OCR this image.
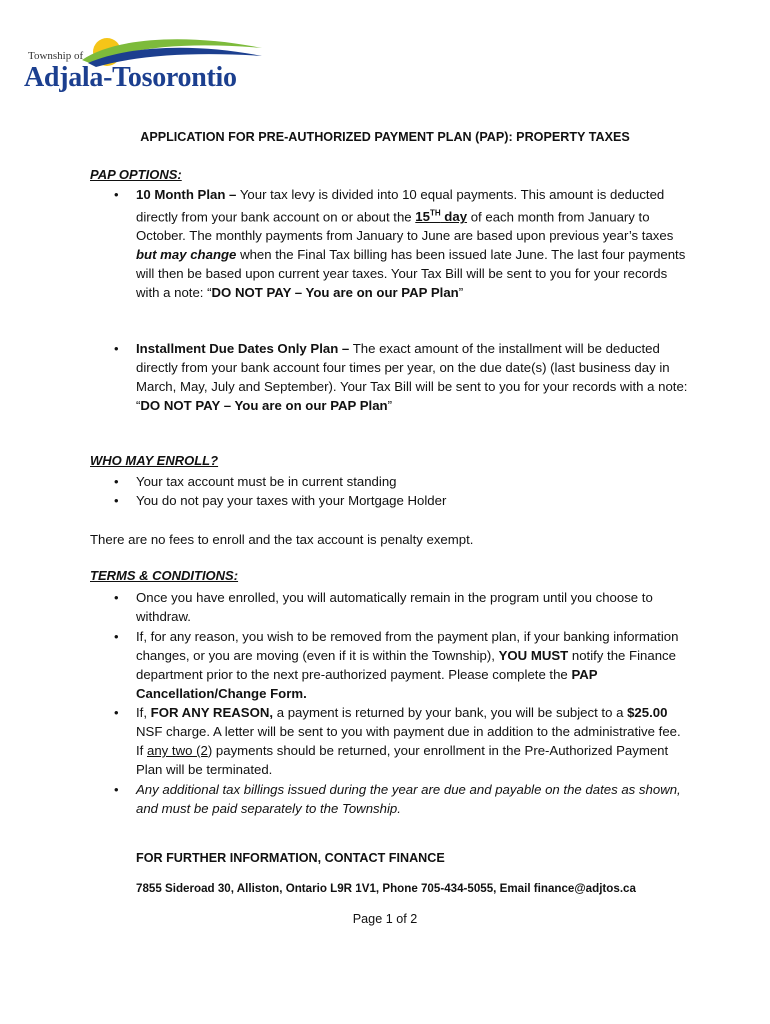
Township of
Adjala-Tosorontio
APPLICATION FOR PRE-AUTHORIZED PAYMENT PLAN (PAP): PROPERTY TAXES
PAP OPTIONS:
• 10 Month Plan – Your tax levy is divided into 10 equal payments. This amount is deducted directly from your bank account on or about the 15TH day of each month from January to October. The monthly payments from January to June are based upon previous year’s taxes but may change when the Final Tax billing has been issued late June. The last four payments will then be based upon current year taxes. Your Tax Bill will be sent to you for your records with a note: “DO NOT PAY – You are on our PAP Plan”
• Installment Due Dates Only Plan – The exact amount of the installment will be deducted directly from your bank account four times per year, on the due date(s) (last business day in March, May, July and September). Your Tax Bill will be sent to you for your records with a note: “DO NOT PAY – You are on our PAP Plan”
WHO MAY ENROLL?
• Your tax account must be in current standing
• You do not pay your taxes with your Mortgage Holder
There are no fees to enroll and the tax account is penalty exempt.
TERMS & CONDITIONS:
• Once you have enrolled, you will automatically remain in the program until you choose to withdraw.
• If, for any reason, you wish to be removed from the payment plan, if your banking information changes, or you are moving (even if it is within the Township), YOU MUST notify the Finance department prior to the next pre-authorized payment. Please complete the PAP Cancellation/Change Form.
• If, FOR ANY REASON, a payment is returned by your bank, you will be subject to a $25.00 NSF charge. A letter will be sent to you with payment due in addition to the administrative fee. If any two (2) payments should be returned, your enrollment in the Pre-Authorized Payment Plan will be terminated.
• Any additional tax billings issued during the year are due and payable on the dates as shown, and must be paid separately to the Township.
FOR FURTHER INFORMATION, CONTACT FINANCE
7855 Sideroad 30, Alliston, Ontario L9R 1V1, Phone 705-434-5055, Email finance@adjtos.ca
Page 1 of 2
